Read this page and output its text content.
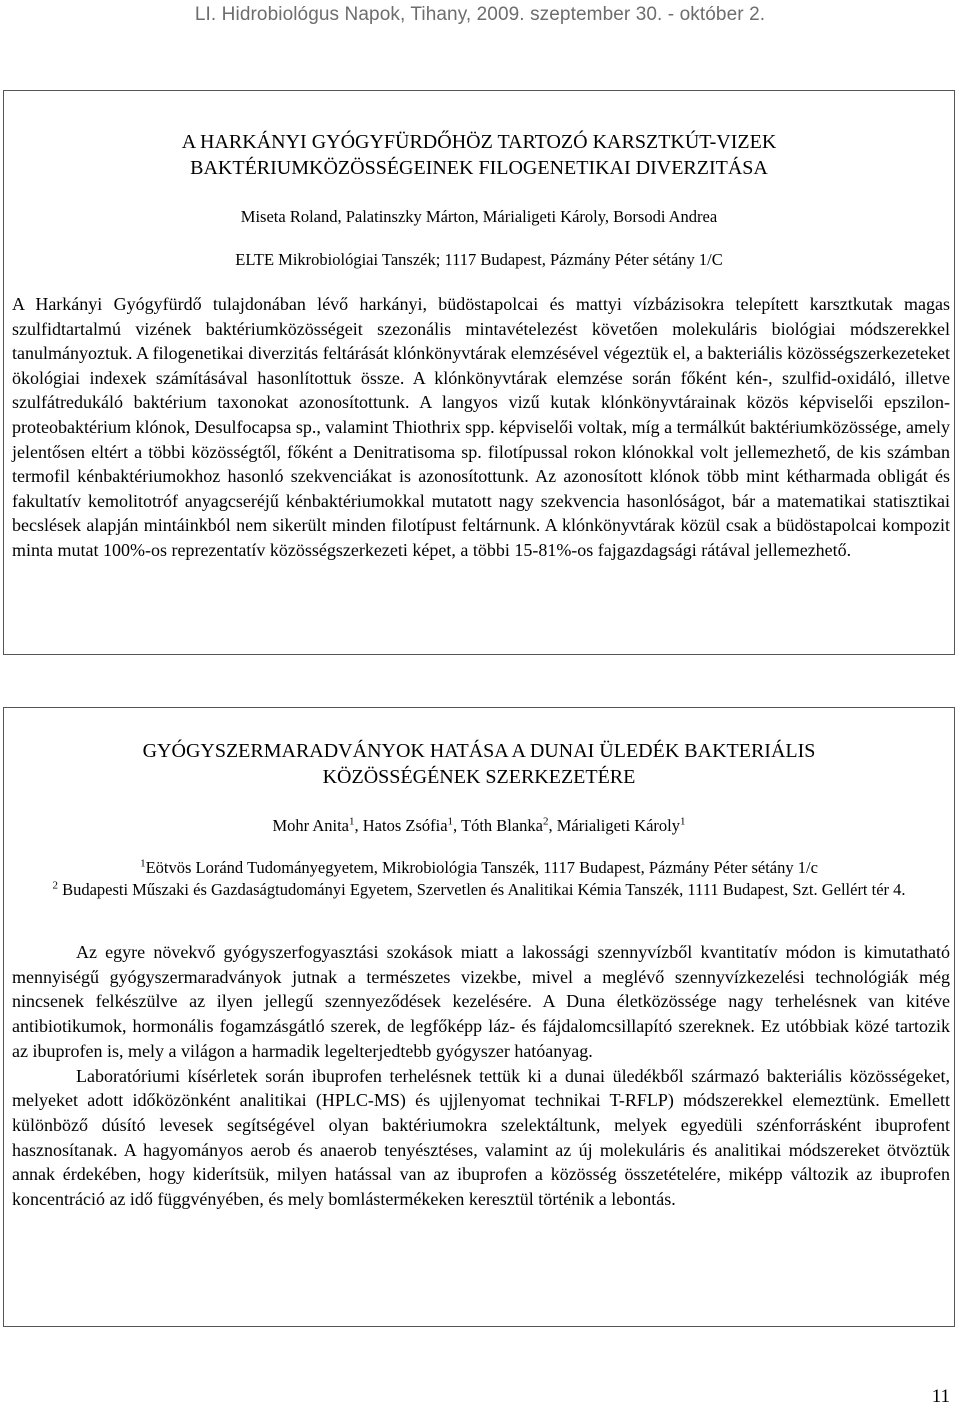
LI. Hidrobiológus Napok, Tihany, 2009. szeptember 30. - október 2.
A HARKÁNYI GYÓGYFÜRDŐHÖZ TARTOZÓ KARSZTKÚT-VIZEK
BAKTÉRIUMKÖZÖSSÉGEINEK FILOGENETIKAI DIVERZITÁSA
Miseta Roland, Palatinszky Márton, Márialigeti Károly, Borsodi Andrea
ELTE Mikrobiológiai Tanszék; 1117 Budapest, Pázmány Péter sétány 1/C

A Harkányi Gyógyfürdő tulajdonában lévő harkányi, büdöstapolcai és mattyi vízbázisokra telepített karsztkutak magas szulfidtartalmú vizének baktériumközösségeit szezonális mintavételezést követően molekuláris biológiai módszerekkel tanulmányoztuk. A filogenetikai diverzitás feltárását klónkönyvtárak elemzésével végeztük el, a bakteriális közösségszerkezeteket ökológiai indexek számításával hasonlítottuk össze. A klónkönyvtárak elemzése során főként kén-, szulfid-oxidáló, illetve szulfátredukáló baktérium taxonokat azonosítottunk. A langyos vizű kutak klónkönyvtárainak közös képviselői epszilon-proteobaktérium klónok, Desulfocapsa sp., valamint Thiothrix spp. képviselői voltak, míg a termálkút baktériumközössége, amely jelentősen eltért a többi közösségtől, főként a Denitratisoma sp. filotípussal rokon klónokkal volt jellemezhető, de kis számban termofil kénbaktériumokhoz hasonló szekvenciákat is azonosítottunk. Az azonosított klónok több mint kétharmada obligát és fakultatív kemolitotróf anyagcseréjű kénbaktériumokkal mutatott nagy szekvencia hasonlóságot, bár a matematikai statisztikai becslések alapján mintáinkból nem sikerült minden filotípust feltárnunk. A klónkönyvtárak közül csak a büdöstapolcai kompozit minta mutat 100%-os reprezentatív közösségszerkezeti képet, a többi 15-81%-os fajgazdagsági rátával jellemezhető.

GYÓGYSZERMARADVÁNYOK HATÁSA A DUNAI ÜLEDÉK BAKTERIÁLIS
KÖZÖSSÉGÉNEK SZERKEZETÉRE
Mohr Anita$^1$, Hatos Zsófia$^1$, Tóth Blanka$^2$, Márialigeti Károly$^1$
$^1$Eötvös Loránd Tudományegyetem, Mikrobiológia Tanszék, 1117 Budapest, Pázmány Péter sétány 1/c
$^2$ Budapesti Műszaki és Gazdaságtudományi Egyetem, Szervetlen és Analitikai Kémia Tanszék, 1111 Budapest, Szt. Gellért tér 4.

Az egyre növekvő gyógyszerfogyasztási szokások miatt a lakossági szennyvízből kvantitatív módon is kimutatható mennyiségű gyógyszermaradványok jutnak a természetes vizekbe, mivel a meglévő szennyvízkezelési technológiák még nincsenek felkészülve az ilyen jellegű szennyeződések kezelésére. A Duna életközössége nagy terhelésnek van kitéve antibiotikumok, hormonális fogamzásgátló szerek, de legfőképp láz- és fájdalomcsillapító szereknek. Ez utóbbiak közé tartozik az ibuprofen is, mely a világon a harmadik legelterjedtebb gyógyszer hatóanyag.

Laboratóriumi kísérletek során ibuprofen terhelésnek tettük ki a dunai üledékből származó bakteriális közösségeket, melyeket adott időközönként analitikai (HPLC-MS) és ujjlenyomat technikai T-RFLP) módszerekkel elemeztünk. Emellett különböző dúsító levesek segítségével olyan baktériumokra szelektáltunk, melyek egyedüli szénforrásként ibuprofent hasznosítanak. A hagyományos aerob és anaerob tenyésztéses, valamint az új molekuláris és analitikai módszereket ötvöztük annak érdekében, hogy kiderítsük, milyen hatással van az ibuprofen a közösség összetételére, miképp változik az ibuprofen koncentráció az idő függvényében, és mely bomlástermékeken keresztül történik a lebontás.

11
